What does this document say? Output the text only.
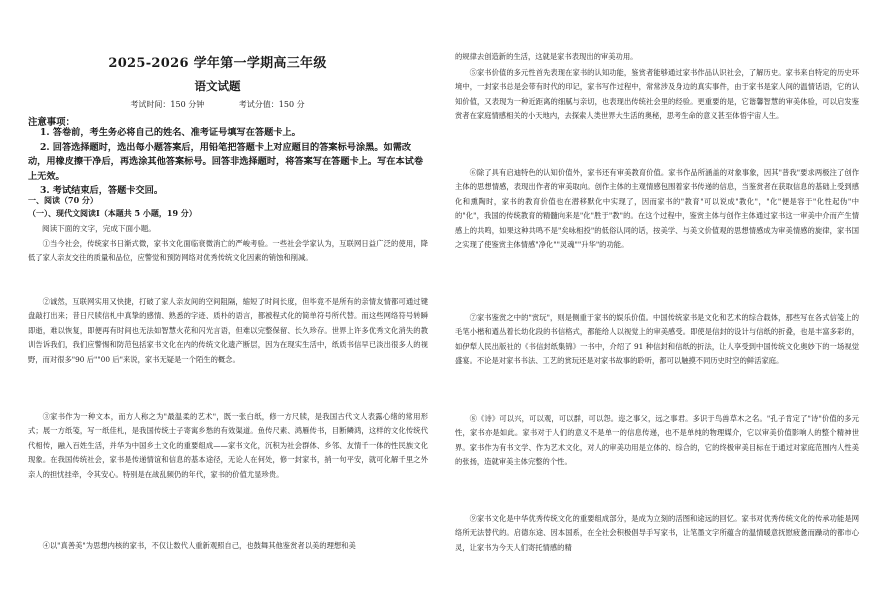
2025-2026 学年第一学期高三年级
语文试题
考试时间：150 分钟	考试分值：150 分
注意事项：
1. 答卷前，考生务必将自己的姓名、准考证号填写在答题卡上。
2. 回答选择题时，选出每小题答案后，用铅笔把答题卡上对应题目的答案标号涂黑。如需改动，用橡皮擦干净后，再选涂其他答案标号。回答非选择题时，将答案写在答题卡上。写在本试卷上无效。
3. 考试结束后，答题卡交回。
一、阅读（70 分）
（一）、现代文阅读Ⅰ（本题共 5 小题，19 分）
阅读下面的文字，完成下面小题。
①当今社会，传统家书日渐式微，家书文化面临衰微消亡的严峻考验。一些社会学家认为，互联网日益广泛的使用，降低了家人亲友交往的质量和品位，应警觉和预防网络对优秀传统文化因素的销蚀和削减。
②诚然，互联网实用又快捷，打破了家人亲友间的空间阻隔，缩短了时间长度，但毕竟不是所有的亲情友情都可通过键盘敲打出来；昔日尺牍信札中真挚的感情、熟悉的字迹、质朴的语言，都被程式化的简单符号所代替。而这些网络符号转瞬即逝，难以恢复，即便再有时间也无法如智慧火花和闪光言语，但难以完整保留、长久珍存。世界上许多优秀文化消失的教训告诉我们，我们应警惕和防范包括家书文化在内的传统文化遗产断层，因为在现实生活中，纸质书信早已淡出很多人的视野，而对很多"90 后""00 后"来说，家书无疑是一个陌生的概念。
③家书作为一种文本，而方人称之为"最温柔的艺术"，既一张白纸，修一方尺牍，是我国古代文人表露心绪的常用形式；展一方纸笺，写一纸佳札，是我国传统士子寄寓乡愁的有效渠道。鱼传尺素、鸿雁传书，目断鳞鸿，这样的文化传统代代相传，融入百姓生活，并华为中国乡土文化的重要组成——家书文化，沉积为社会群体、乡邻、友情千一体的性民族文化现象。在我国传统社会，家书是传递情谊和信息的基本途径，无论人在何处，修一封家书，捎一句平安，就可化解千里之外亲人的担忧挂牵，令其安心。特别是在战乱频仍的年代，家书的价值尤显珍贵。
④以"真善美"为思想内核的家书，不仅让数代人重新观照自己，也鼓舞其他鉴赏者以美的理想和美
的规律去创造新的生活，这就是家书表现出的审美功用。
⑤家书价值的多元性首先表现在家书的认知功能，鉴赏者能够通过家书作品认识社会，了解历史。家书来自特定的历史环境中，一封家书总是会带有时代的印记，家书写作过程中，常常涉及身边的真实事件，由于家书是家人间的温情话语，它的认知价值，又表现为一种近距离的细腻与亲切，也表现出传统社会里的经验。更重要的是，它谐馨智慧的审美体验，可以启发鉴赏者在家庭情感相关的小天地内，去探索人类世界大生活的奥秘，思考生命的意义甚至体悟宇宙人生。
⑥除了具有启迪特色的认知价值外，家书还有审美教育价值。家书作品所涵盖的对象事象，因其"普我"要求两极注了创作主体的思想情感，表现出作者的审美取向。创作主体的主观情感包围着家书传递的信息，当鉴赏者在获取信息的基础上受到感化和熏陶时，家书的教育价值也在潜移默化中实现了，因而家书的"教育"可以说成"教化"，"化"便是容于"化性起伪"中的"化"，我国的传统教育的精髓向来是"化"胜于"教"的。在这个过程中，鉴赏主体与创作主体通过家书这一审美中介而产生情感上的共鸣，如果这种共鸣不是"矣咏相投"的低俗认同的话，按美学、与美文价值观的思想情感成为审美情感的旋律，家书国之实现了使鉴赏主体情感"净化""灵魂""升华"的功能。
⑦家书鉴赏之中的"赏玩"，则是侧重于家书的娱乐价值。中国传统家书是文化和艺术的综合载体，那些写在各式信笺上的毛笔小楷和遒丛着长幼化段的书信格式，都能给人以视觉上的审美感受。即使是信封的设计与信纸的折叠，也是丰富多彩的，如伊犁人民出版社的《书信封纸集锦》一书中，介绍了 91 种信封和信纸的折法，让人享受到中国传统文化奥妙下的一场视觉盛宴。不论是对家书书法、工艺的赏玩还是对家书故事的聆听，都可以触摸不同历史时空的鲜活家庭。
⑧《诗》可以兴，可以观，可以群，可以怨。迩之事父，远之事君。多识于鸟兽草木之名。"孔子肯定了"诗"价值的多元性，家书亦是如此。家书对于人们的意义不是单一的信息传递，也不是单纯的物理媒介，它以审美价值影响人的整个精神世界。家书作为有书文学、作为艺术文化，对人的审美功用是立体的、综合的，它的终极审美目标在于通过对家庭范围内人性美的张扬，造就审美主体完整的个性。
⑨家书文化是中华优秀传统文化的重要组成部分，是成为立刻的活图和途远的回忆。家书对优秀传统文化的传承功能是网络所无法替代的。启德东途、因本国系，在全社会积极倡导手写家书，让笔墨文字所蕴含的温情暖意抚慰疲惫而躁动的都市心灵，让家书为今天人们寄托情感的精
